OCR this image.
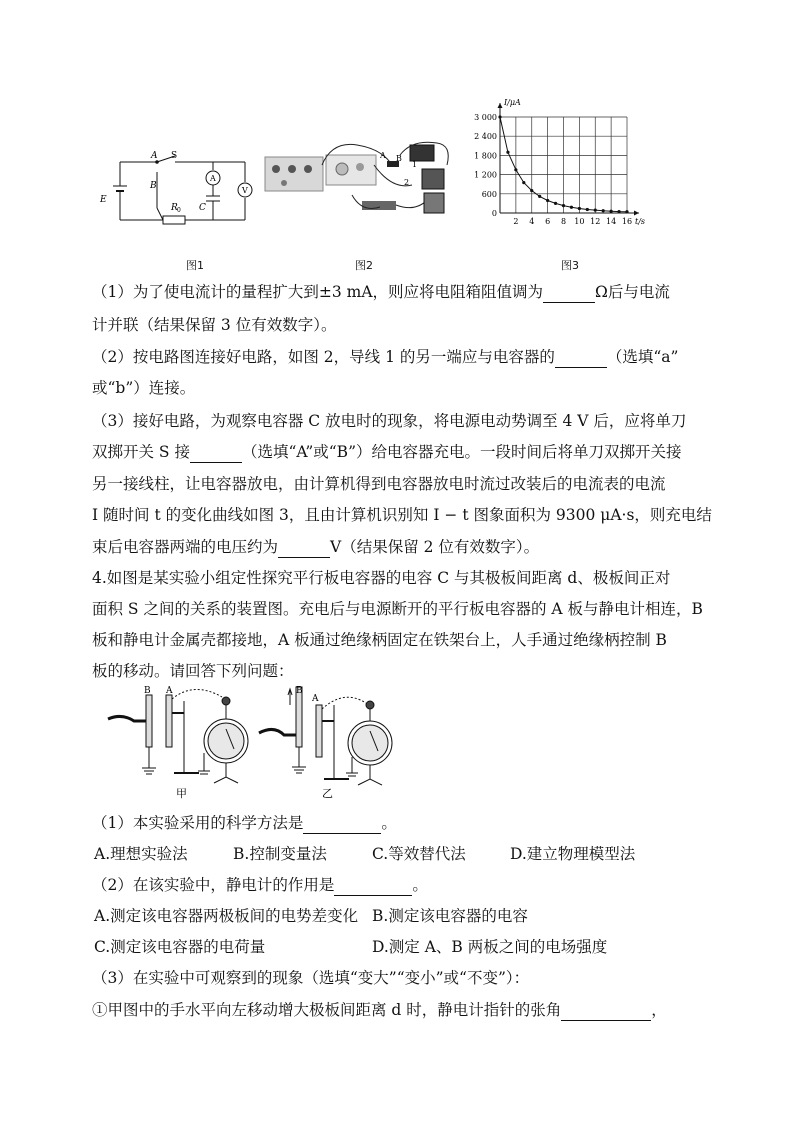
A S
B
E
R 0 C
A
V
图1
A B
1
2
图2
2 4 6 8 10 12 14 16
0
600
1 200
1 800
2 400
3 000
I/μA
t/s
图3
（1）为了使电流计的量程扩大到±3 mA，则应将电阻箱阻值调为	Ω后与电流
计并联（结果保留 3 位有效数字）。
（2）按电路图连接好电路，如图 2，导线 1 的另一端应与电容器的	（选填“a”
或“b”）连接。
（3）接好电路，为观察电容器 C 放电时的现象，将电源电动势调至 4 V 后，应将单刀
双掷开关 S 接	（选填“A”或“B”）给电容器充电。一段时间后将单刀双掷开关接
另一接线柱，让电容器放电，由计算机得到电容器放电时流过改装后的电流表的电流
I 随时间 t 的变化曲线如图 3，且由计算机识别知 I − t 图象面积为 9300 μA·s，则充电结
束后电容器两端的电压约为	V（结果保留 2 位有效数字）。
4.如图是某实验小组定性探究平行板电容器的电容 C 与其极板间距离 d、极板间正对
面积 S 之间的关系的装置图。充电后与电源断开的平行板电容器的 A 板与静电计相连，B
板和静电计金属壳都接地，A 板通过绝缘柄固定在铁架台上，人手通过绝缘柄控制 B
板的移动。请回答下列问题：
甲
B A
乙
B
A
（1）本实验采用的科学方法是	。
A.理想实验法	B.控制变量法	C.等效替代法	D.建立物理模型法
（2）在该实验中，静电计的作用是	。
A.测定该电容器两极板间的电势差变化 B.测定该电容器的电容
C.测定该电容器的电荷量	D.测定 A、B 两板之间的电场强度
（3）在实验中可观察到的现象（选填“变大”“变小”或“不变”）：
①甲图中的手水平向左移动增大极板间距离 d 时，静电计指针的张角	，
